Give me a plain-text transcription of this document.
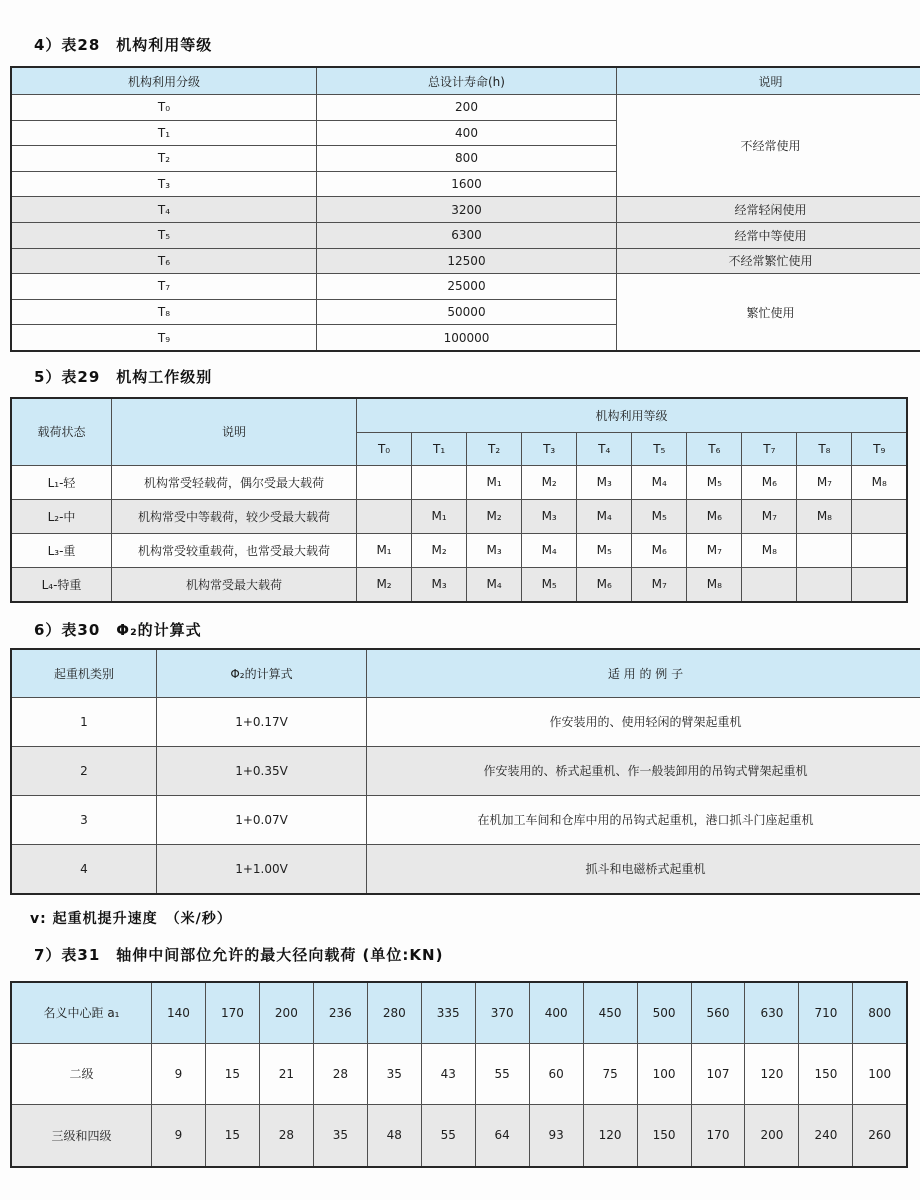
4）表28　机构利用等级
机构利用分级	总设计寿命(h)	说明
T₀	200	不经常使用
T₁	400	
T₂	800	
T₃	1600	
T₄	3200	经常轻闲使用
T₅	6300	经常中等使用
T₆	12500	不经常繁忙使用
T₇	25000	繁忙使用
T₈	50000	
T₉	100000	
5）表29　机构工作级别
载荷状态	说明	机构利用等级									
		T₀	T₁	T₂	T₃	T₄	T₅	T₆	T₇	T₈	T₉
L₁-轻	机构常受轻载荷，偶尔受最大载荷			M₁	M₂	M₃	M₄	M₅	M₆	M₇	M₈
L₂-中	机构常受中等载荷，较少受最大载荷		M₁	M₂	M₃	M₄	M₅	M₆	M₇	M₈	
L₃-重	机构常受较重载荷，也常受最大载荷	M₁	M₂	M₃	M₄	M₅	M₆	M₇	M₈		
L₄-特重	机构常受最大载荷	M₂	M₃	M₄	M₅	M₆	M₇	M₈			
6）表30　Φ₂的计算式
起重机类别	Φ₂的计算式	适 用 的 例 子
1	1+0.17V	作安装用的、使用轻闲的臂架起重机
2	1+0.35V	作安装用的、桥式起重机、作一般装卸用的吊钩式臂架起重机
3	1+0.07V	在机加工车间和仓库中用的吊钩式起重机，港口抓斗门座起重机
4	1+1.00V	抓斗和电磁桥式起重机
v: 起重机提升速度　（米/秒）
7）表31　轴伸中间部位允许的最大径向载荷 (单位:KN)
名义中心距 a₁	140	170	200	236	280	335	370	400	450	500	560	630	710	800
二级	9	15	21	28	35	43	55	60	75	100	107	120	150	100
三级和四级	9	15	28	35	48	55	64	93	120	150	170	200	240	260
